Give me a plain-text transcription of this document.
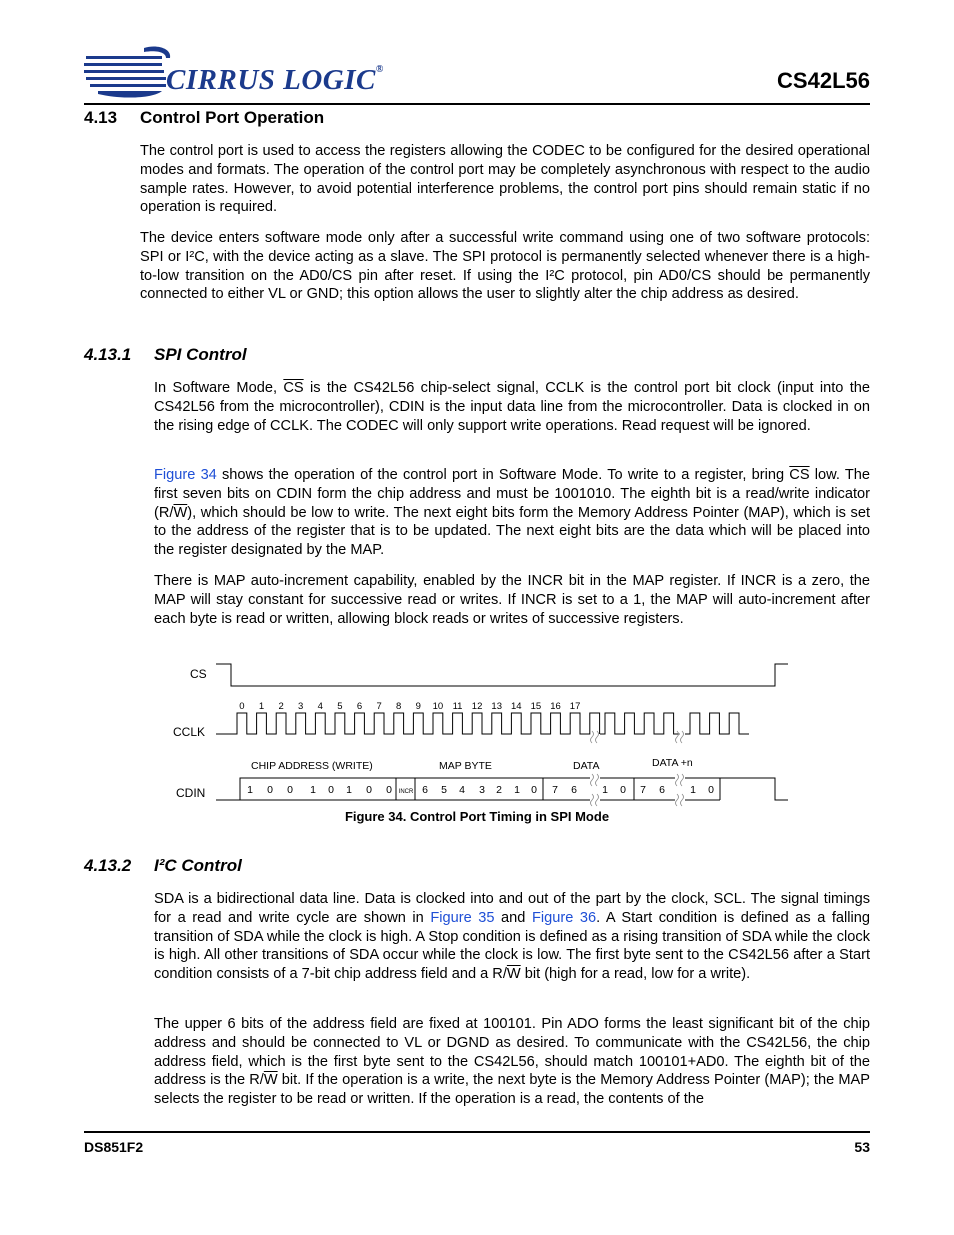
CIRRUS LOGIC®	CS42L56
4.13 Control Port Operation

The control port is used to access the registers allowing the CODEC to be configured for the desired operational modes and formats. The operation of the control port may be completely asynchronous with respect to the audio sample rates. However, to avoid potential interference problems, the control port pins should remain static if no operation is required.

The device enters software mode only after a successful write command using one of two software protocols: SPI or I²C, with the device acting as a slave. The SPI protocol is permanently selected whenever there is a high-to-low transition on the AD0/CS pin after reset. If using the I²C protocol, pin AD0/CS should be permanently connected to either VL or GND; this option allows the user to slightly alter the chip address as desired.

4.13.1 SPI Control

In Software Mode, $\overline{CS}$ is the CS42L56 chip-select signal, CCLK is the control port bit clock (input into the CS42L56 from the microcontroller), CDIN is the input data line from the microcontroller. Data is clocked in on the rising edge of CCLK. The CODEC will only support write operations. Read request will be ignored.

Figure 34 shows the operation of the control port in Software Mode. To write to a register, bring $\overline{CS}$ low. The first seven bits on CDIN form the chip address and must be 1001010. The eighth bit is a read/write indicator $(R/\overline{W})$, which should be low to write. The next eight bits form the Memory Address Pointer (MAP), which is set to the address of the register that is to be updated. The next eight bits are the data which will be placed into the register designated by the MAP.

There is MAP auto-increment capability, enabled by the INCR bit in the MAP register. If INCR is a zero, the MAP will stay constant for successive read or writes. If INCR is set to a 1, the MAP will auto-increment after each byte is read or written, allowing block reads or writes of successive registers.

CS
CCLK
CDIN
0 1 2 3 4 5 6 7 8 9 10 11 12 13 14 15 16 17
CHIP ADDRESS (WRITE)	MAP BYTE	DATA	DATA +n
1 0 0 1 0 1 0 0	6 5 4 3 2 1 0 7 6 1 0 7 6 1 0
INCR
Figure 34. Control Port Timing in SPI Mode
4.13.2 I²C Control

SDA is a bidirectional data line. Data is clocked into and out of the part by the clock, SCL. The signal timings for a read and write cycle are shown in Figure 35 and Figure 36. A Start condition is defined as a falling transition of SDA while the clock is high. A Stop condition is defined as a rising transition of SDA while the clock is high. All other transitions of SDA occur while the clock is low. The first byte sent to the CS42L56 after a Start condition consists of a 7-bit chip address field and a $R/\overline{W}$ bit (high for a read, low for a write).

The upper 6 bits of the address field are fixed at 100101. Pin ADO forms the least significant bit of the chip address and should be connected to VL or DGND as desired. To communicate with the CS42L56, the chip address field, which is the first byte sent to the CS42L56, should match 100101+AD0. The eighth bit of the address is the $R/\overline{W}$ bit. If the operation is a write, the next byte is the Memory Address Pointer (MAP); the MAP selects the register to be read or written. If the operation is a read, the contents of the

DS851F2	53
